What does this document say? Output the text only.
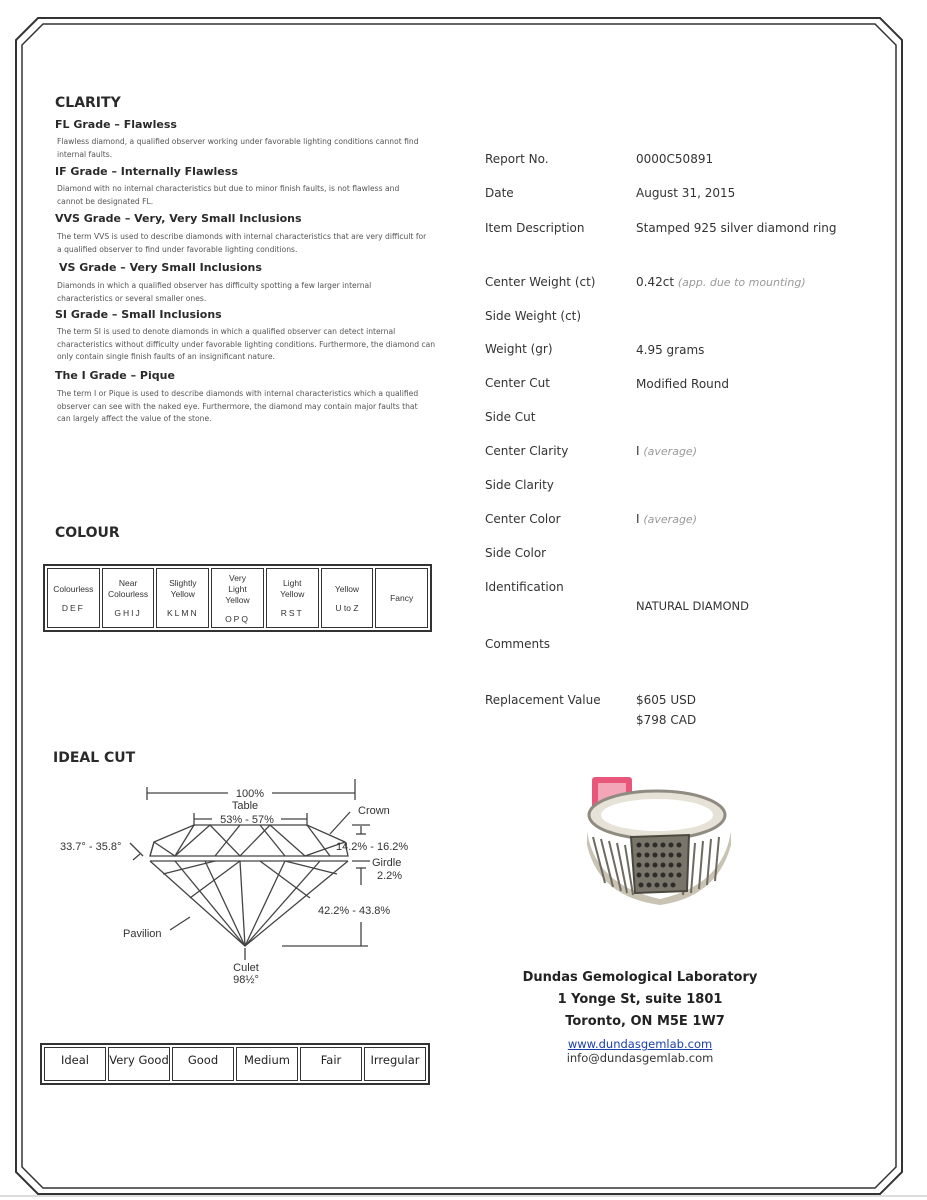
CLARITY
FL Grade – Flawless
Flawless diamond, a qualified observer working under favorable lighting conditions cannot find internal faults.
IF Grade – Internally Flawless
Diamond with no internal characteristics but due to minor finish faults, is not flawless and cannot be designated FL.
VVS Grade – Very, Very Small Inclusions
The term VVS is used to describe diamonds with internal characteristics that are very difficult for a qualified observer to find under favorable lighting conditions.
VS Grade – Very Small Inclusions
Diamonds in which a qualified observer has difficulty spotting a few larger internal characteristics or several smaller ones.
SI Grade – Small Inclusions
The term SI is used to denote diamonds in which a qualified observer can detect internal characteristics without difficulty under favorable lighting conditions. Furthermore, the diamond can only contain single finish faults of an insignificant nature.
The I Grade – Pique
The term I or Pique is used to describe diamonds with internal characteristics which a qualified observer can see with the naked eye. Furthermore, the diamond may contain major faults that can largely affect the value of the stone.
COLOUR
Colourless
DEF
Near Colourless
GHIJ
Slightly Yellow
KLMN
Very Light Yellow
OPQ
Light Yellow
RST
Yellow
U to Z
Fancy
IDEAL CUT
100%
Table
53% - 57%
Crown
33.7° - 35.8°	14.2% - 16.2%
Girdle
2.2%
42.2% - 43.8%
Pavilion
Culet
98½°
Ideal	Very Good	Good	Medium	Fair	Irregular
Report No.	0000C50891
Date	August 31, 2015
Item Description	Stamped 925 silver diamond ring
Center Weight (ct)	0.42ct (app. due to mounting)
Side Weight (ct)
Weight (gr)	4.95 grams
Center Cut	Modified Round
Side Cut
Center Clarity	I (average)
Side Clarity
Center Color	I (average)
Side Color
Identification
NATURAL DIAMOND
Comments
Replacement Value	$605 USD
$798 CAD
Dundas Gemological Laboratory
1 Yonge St, suite 1801
Toronto, ON M5E 1W7
www.dundasgemlab.com
info@dundasgemlab.com
